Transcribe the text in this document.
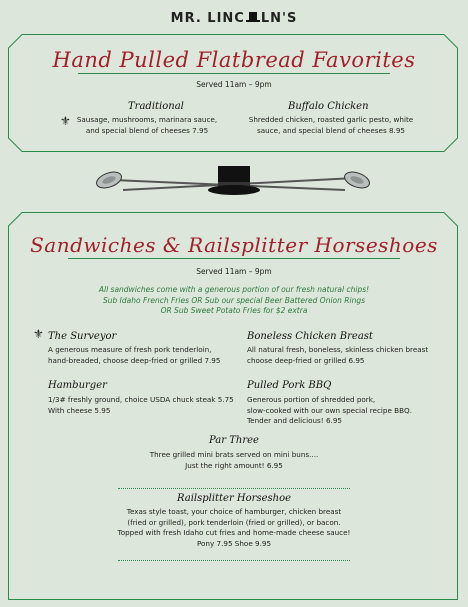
MR. LINC LN'S
Hand Pulled Flatbread Favorites
Served 11am – 9pm
⚜
Traditional
Sausage, mushrooms, marinara sauce,
and special blend of cheeses 7.95
Buffalo Chicken
Shredded chicken, roasted garlic pesto, white
sauce, and special blend of cheeses 8.95
Sandwiches & Railsplitter Horseshoes
Served 11am – 9pm
All sandwiches come with a generous portion of our fresh natural chips!
Sub Idaho French Fries OR Sub our special Beer Battered Onion Rings
OR Sub Sweet Potato Fries for $2 extra
⚜ The Surveyor
A generous measure of fresh pork tenderloin,
hand-breaded, choose deep-fried or grilled 7.95
Boneless Chicken Breast
All natural fresh, boneless, skinless chicken breast
choose deep-fried or grilled 6.95
Hamburger
1/3# freshly ground, choice USDA chuck steak 5.75
With cheese 5.95
Pulled Pork BBQ
Generous portion of shredded pork,
slow-cooked with our own special recipe BBQ.
Tender and delicious! 6.95
Par Three
Three grilled mini brats served on mini buns....
Just the right amount! 6.95
Railsplitter Horseshoe
Texas style toast, your choice of hamburger, chicken breast
(fried or grilled), pork tenderloin (fried or grilled), or bacon.
Topped with fresh Idaho cut fries and home-made cheese sauce!
Pony 7.95 Shoe 9.95
